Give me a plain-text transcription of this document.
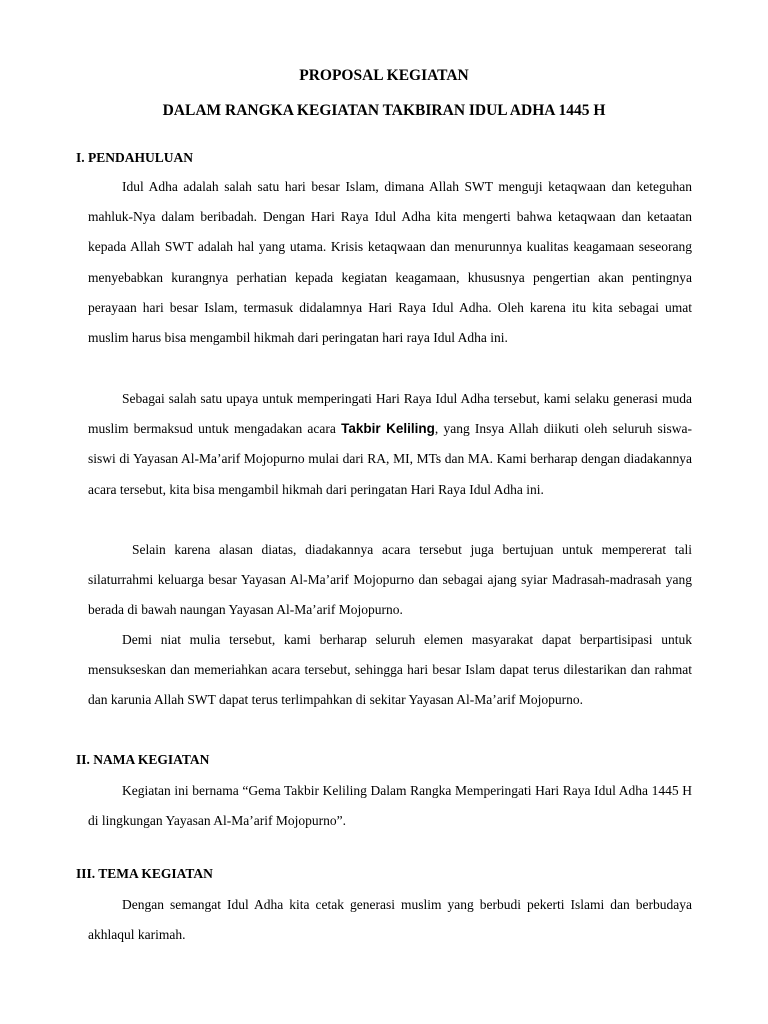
PROPOSAL KEGIATAN
DALAM RANGKA KEGIATAN TAKBIRAN IDUL ADHA 1445 H
I. PENDAHULUAN

Idul Adha adalah salah satu hari besar Islam, dimana Allah SWT menguji ketaqwaan dan keteguhan mahluk-Nya dalam beribadah. Dengan Hari Raya Idul Adha kita mengerti bahwa ketaqwaan dan ketaatan kepada Allah SWT adalah hal yang utama. Krisis ketaqwaan dan menurunnya kualitas keagamaan seseorang menyebabkan kurangnya perhatian kepada kegiatan keagamaan, khususnya pengertian akan pentingnya perayaan hari besar Islam, termasuk didalamnya Hari Raya Idul Adha. Oleh karena itu kita sebagai umat muslim harus bisa mengambil hikmah dari peringatan hari raya Idul Adha ini.

Sebagai salah satu upaya untuk memperingati Hari Raya Idul Adha tersebut, kami selaku generasi muda muslim bermaksud untuk mengadakan acara Takbir Keliling, yang Insya Allah diikuti oleh seluruh siswa-siswi di Yayasan Al-Ma’arif Mojopurno mulai dari RA, MI, MTs dan MA. Kami berharap dengan diadakannya acara tersebut, kita bisa mengambil hikmah dari peringatan Hari Raya Idul Adha ini.

Selain karena alasan diatas, diadakannya acara tersebut juga bertujuan untuk mempererat tali silaturrahmi keluarga besar Yayasan Al-Ma’arif Mojopurno dan sebagai ajang syiar Madrasah-madrasah yang berada di bawah naungan Yayasan Al-Ma’arif Mojopurno.

Demi niat mulia tersebut, kami berharap seluruh elemen masyarakat dapat berpartisipasi untuk mensukseskan dan memeriahkan acara tersebut, sehingga hari besar Islam dapat terus dilestarikan dan rahmat dan karunia Allah SWT dapat terus terlimpahkan di sekitar Yayasan Al-Ma’arif Mojopurno.

II. NAMA KEGIATAN

Kegiatan ini bernama “Gema Takbir Keliling Dalam Rangka Memperingati Hari Raya Idul Adha 1445 H di lingkungan Yayasan Al-Ma’arif Mojopurno”.

III. TEMA KEGIATAN

Dengan semangat Idul Adha kita cetak generasi muslim yang berbudi pekerti Islami dan berbudaya akhlaqul karimah.
